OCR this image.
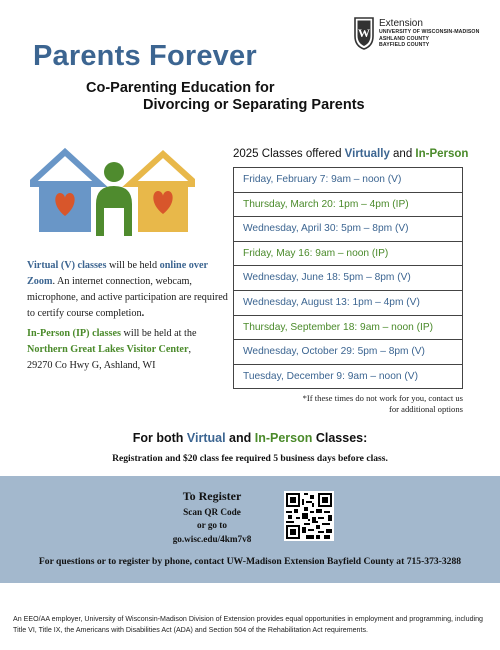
W
Extension
UNIVERSITY OF WISCONSIN-MADISON
ASHLAND COUNTY
BAYFIELD COUNTY
Parents Forever
Co-Parenting Education for
Divorcing or Separating Parents
Virtual (V) classes will be held online over Zoom. An internet connection, webcam, microphone, and active participation are required to certify course completion.
In-Person (IP) classes will be held at the Northern Great Lakes Visitor Center,
29270 Co Hwy G, Ashland, WI
2025 Classes offered Virtually and In-Person
Friday, February 7: 9am – noon (V)
Thursday, March 20: 1pm – 4pm (IP)
Wednesday, April 30: 5pm – 8pm (V)
Friday, May 16: 9am – noon (IP)
Wednesday, June 18: 5pm – 8pm (V)
Wednesday, August 13: 1pm – 4pm (V)
Thursday, September 18: 9am – noon (IP)
Wednesday, October 29: 5pm – 8pm (V)
Tuesday, December 9: 9am – noon (V)
*If these times do not work for you, contact us
for additional options
For both Virtual and In-Person Classes:
Registration and $20 class fee required 5 business days before class.
To Register
Scan QR Code
or go to
go.wisc.edu/4km7v8
For questions or to register by phone, contact UW-Madison Extension Bayfield County at 715-373-3288
An EEO/AA employer, University of Wisconsin-Madison Division of Extension provides equal opportunities in employment and programming, including Title VI, Title IX, the Americans with Disabilities Act (ADA) and Section 504 of the Rehabilitation Act requirements.
